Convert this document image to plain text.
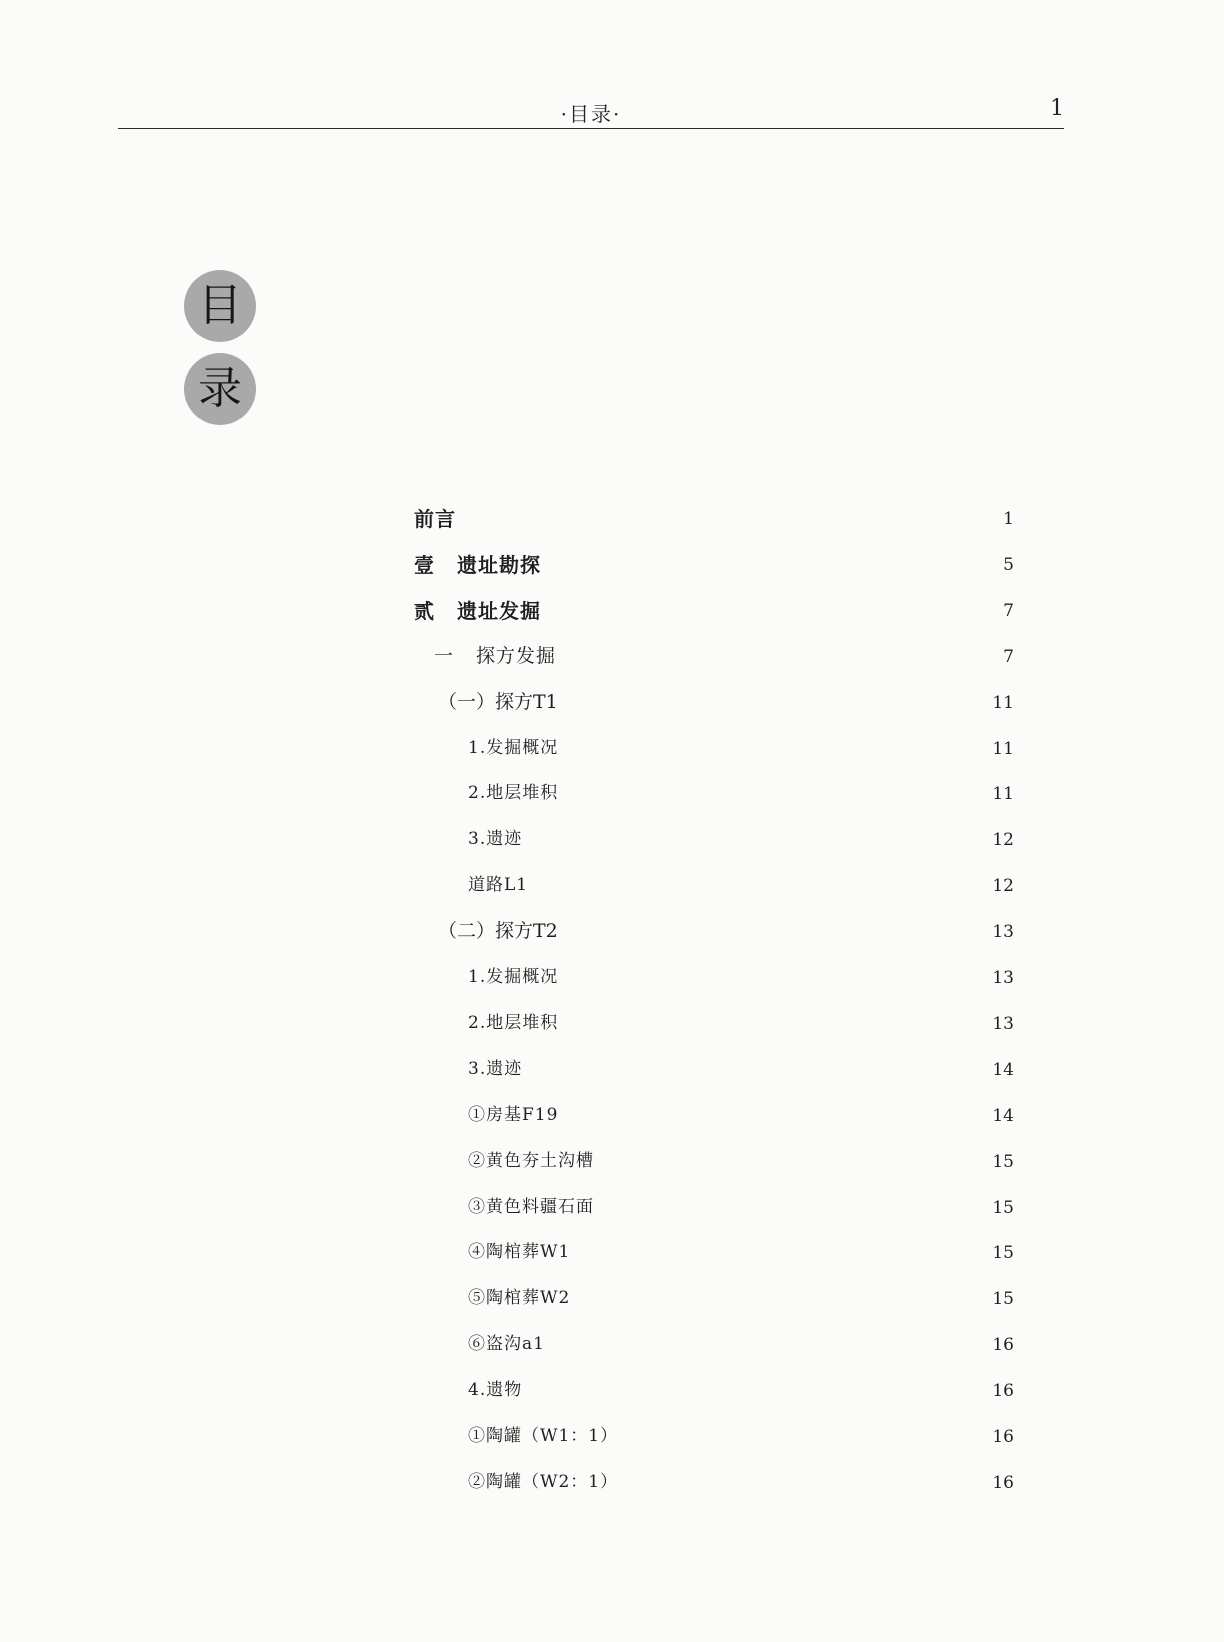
·目录·	1
目
录
前言	1
壹 遗址勘探	5
贰 遗址发掘	7
一 探方发掘	7
（一）探方T1	11
1.发掘概况	11
2.地层堆积	11
3.遗迹	12
道路L1	12
（二）探方T2	13
1.发掘概况	13
2.地层堆积	13
3.遗迹	14
①房基F19	14
②黄色夯土沟槽	15
③黄色料疆石面	15
④陶棺葬W1	15
⑤陶棺葬W2	15
⑥盗沟a1	16
4.遗物	16
①陶罐（W1：1）	16
②陶罐（W2：1）	16
